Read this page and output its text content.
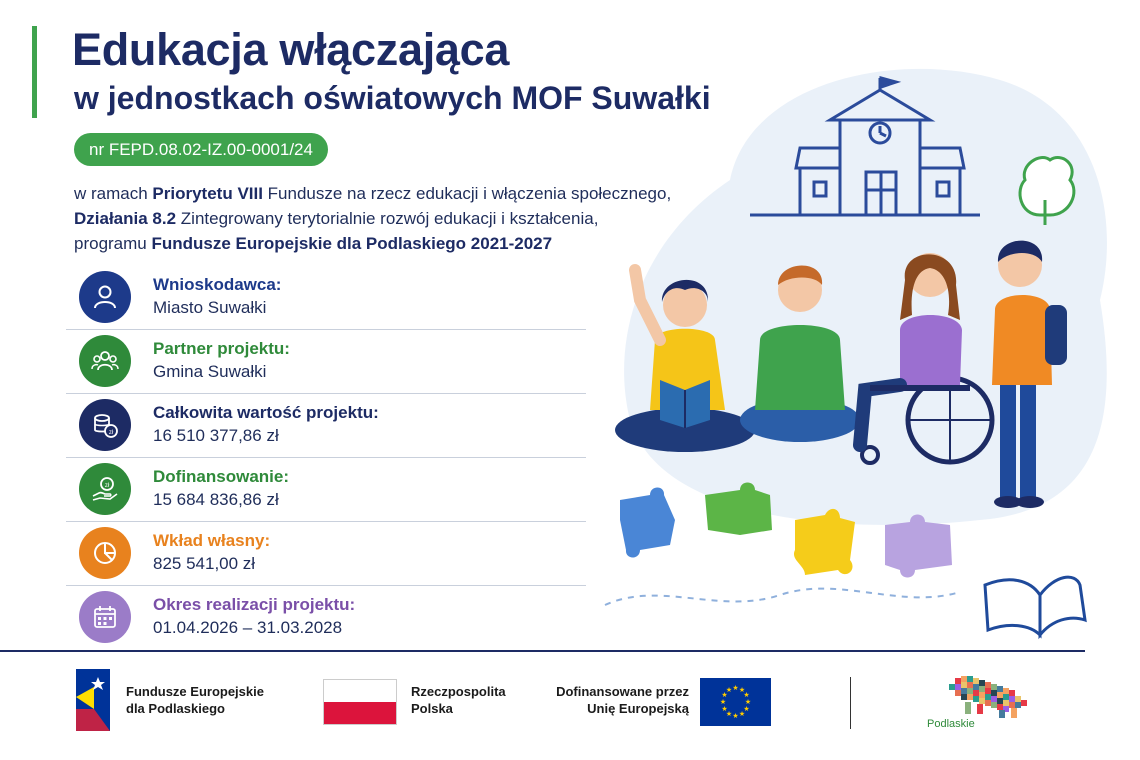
Edukacja włączająca
w jednostkach oświatowych MOF Suwałki
nr FEPD.08.02-IZ.00-0001/24
w ramach Priorytetu VIII Fundusze na rzecz edukacji i włączenia społecznego,
Działania 8.2 Zintegrowany terytorialnie rozwój edukacji i kształcenia,
programu Fundusze Europejskie dla Podlaskiego 2021-2027
Wnioskodawca:
Miasto Suwałki
Partner projektu:
Gmina Suwałki
zł
Całkowita wartość projektu:
16 510 377,86 zł
zł	Dofinansowanie:
15 684 836,86 zł
Wkład własny:
825 541,00 zł
Okres realizacji projektu:
01.04.2026 – 31.03.2028
Fundusze Europejskie
dla Podlaskiego
Rzeczpospolita
Polska
Dofinansowane przez
Unię Europejską
★ ★
★
★
★
★
★
★
★
★
★
★
Podlaskie
